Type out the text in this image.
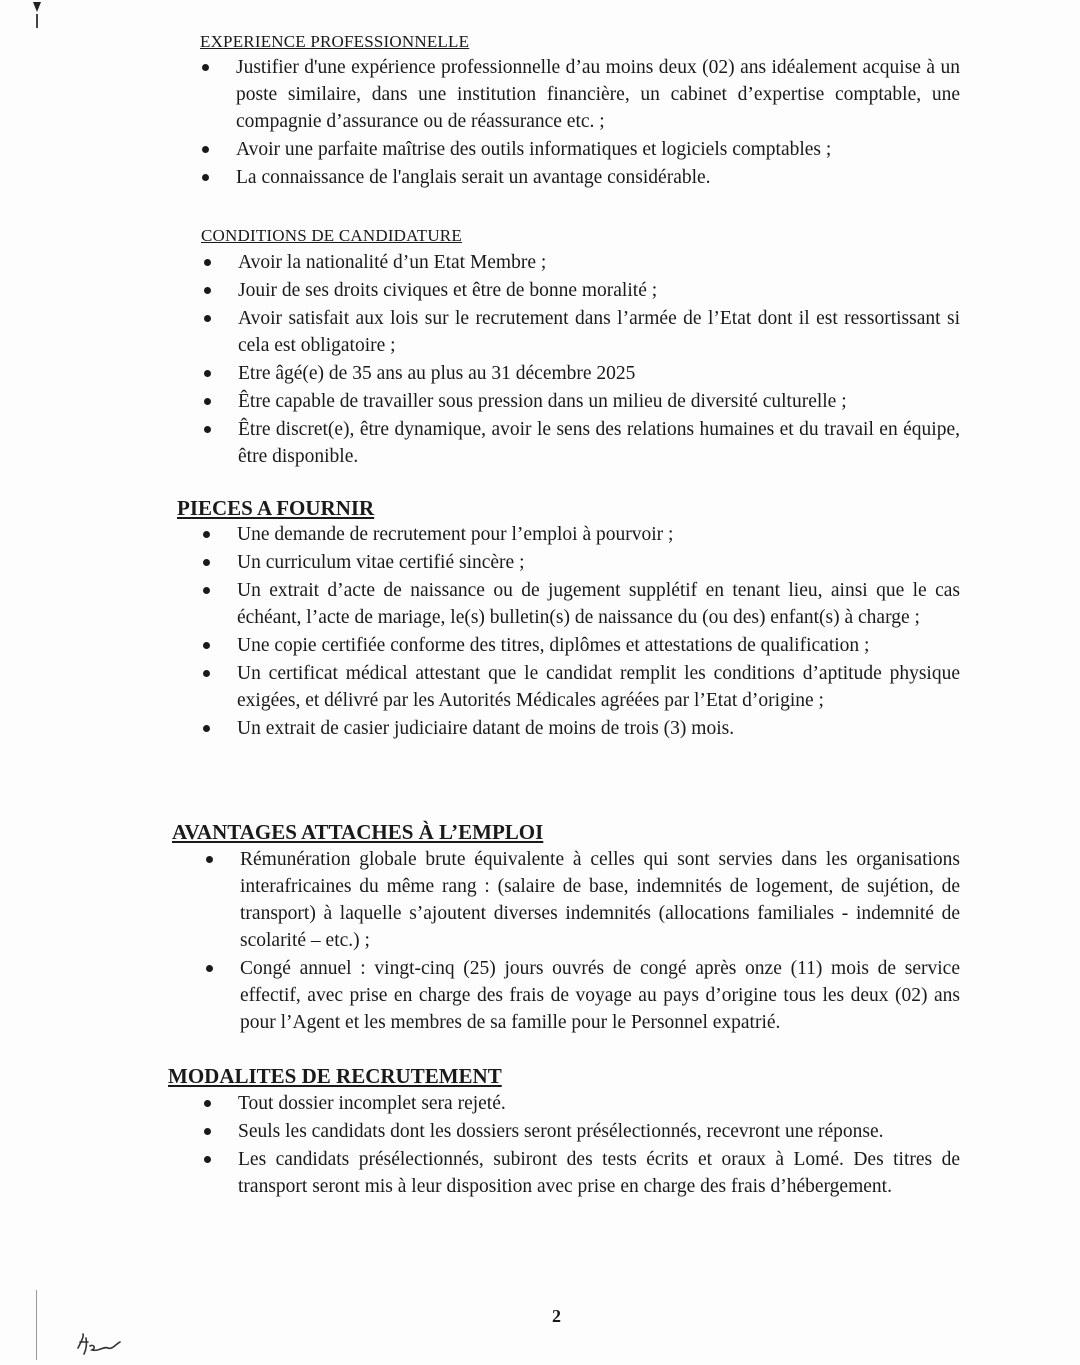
EXPERIENCE PROFESSIONNELLE
Justifier d'une expérience professionnelle d’au moins deux (02) ans idéalement acquise à un poste similaire, dans une institution financière, un cabinet d’expertise comptable, une compagnie d’assurance ou de réassurance etc. ;
Avoir une parfaite maîtrise des outils informatiques et logiciels comptables ;
La connaissance de l'anglais serait un avantage considérable.
CONDITIONS DE CANDIDATURE
Avoir la nationalité d’un Etat Membre ;
Jouir de ses droits civiques et être de bonne moralité ;
Avoir satisfait aux lois sur le recrutement dans l’armée de l’Etat dont il est ressortissant si cela est obligatoire ;
Etre âgé(e) de 35 ans au plus au 31 décembre 2025
Être capable de travailler sous pression dans un milieu de diversité culturelle ;
Être discret(e), être dynamique, avoir le sens des relations humaines et du travail en équipe, être disponible.
PIECES A FOURNIR
Une demande de recrutement pour l’emploi à pourvoir ;
Un curriculum vitae certifié sincère ;
Un extrait d’acte de naissance ou de jugement supplétif en tenant lieu, ainsi que le cas échéant, l’acte de mariage, le(s) bulletin(s) de naissance du (ou des) enfant(s) à charge ;
Une copie certifiée conforme des titres, diplômes et attestations de qualification ;
Un certificat médical attestant que le candidat remplit les conditions d’aptitude physique exigées, et délivré par les Autorités Médicales agréées par l’Etat d’origine ;
Un extrait de casier judiciaire datant de moins de trois (3) mois.
AVANTAGES ATTACHES À L’EMPLOI
Rémunération globale brute équivalente à celles qui sont servies dans les organisations interafricaines du même rang : (salaire de base, indemnités de logement, de sujétion, de transport) à laquelle s’ajoutent diverses indemnités (allocations familiales - indemnité de scolarité – etc.) ;
Congé annuel : vingt-cinq (25) jours ouvrés de congé après onze (11) mois de service effectif, avec prise en charge des frais de voyage au pays d’origine tous les deux (02) ans pour l’Agent et les membres de sa famille pour le Personnel expatrié.
MODALITES DE RECRUTEMENT
Tout dossier incomplet sera rejeté.
Seuls les candidats dont les dossiers seront présélectionnés, recevront une réponse.
Les candidats présélectionnés, subiront des tests écrits et oraux à Lomé. Des titres de transport seront mis à leur disposition avec prise en charge des frais d’hébergement.
2
